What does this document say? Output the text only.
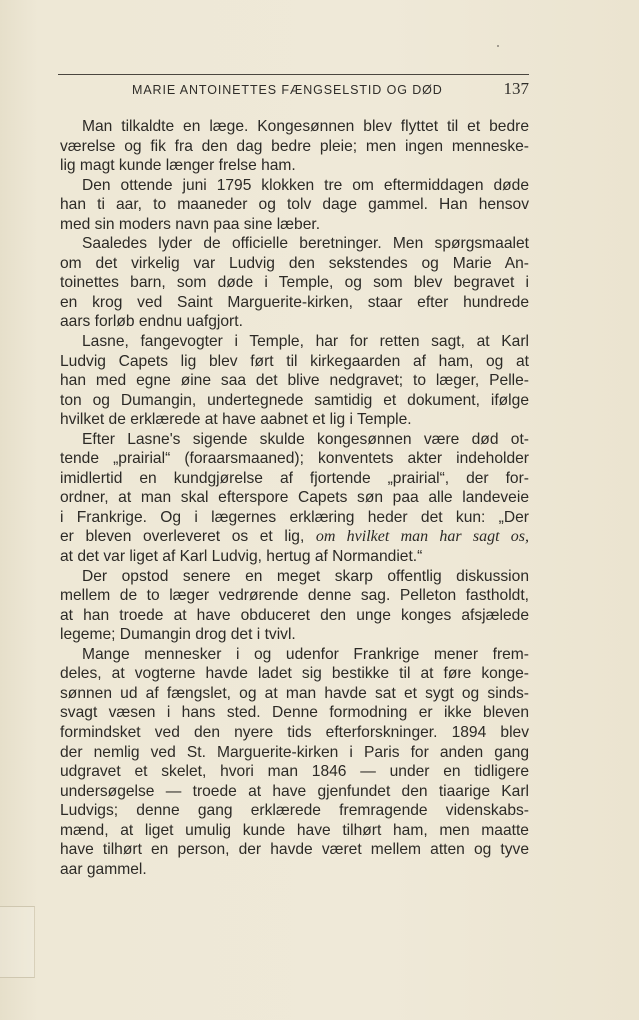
MARIE ANTOINETTES FÆNGSELSTID OG DØD	137

Man tilkaldte en læge. Kongesønnen blev flyttet til et bedre
værelse og fik fra den dag bedre pleie; men ingen menneske-
lig magt kunde længer frelse ham.

Den ottende juni 1795 klokken tre om eftermiddagen døde
han ti aar, to maaneder og tolv dage gammel. Han hensov
med sin moders navn paa sine læber.

Saaledes lyder de officielle beretninger. Men spørgsmaalet
om det virkelig var Ludvig den sekstendes og Marie An-
toinettes barn, som døde i Temple, og som blev begravet i
en krog ved Saint Marguerite-kirken, staar efter hundrede
aars forløb endnu uafgjort.

Lasne, fangevogter i Temple, har for retten sagt, at Karl
Ludvig Capets lig blev ført til kirkegaarden af ham, og at
han med egne øine saa det blive nedgravet; to læger, Pelle-
ton og Dumangin, undertegnede samtidig et dokument, ifølge
hvilket de erklærede at have aabnet et lig i Temple.

Efter Lasne's sigende skulde kongesønnen være død ot-
tende „prairial“ (foraarsmaaned); konventets akter indeholder
imidlertid en kundgjørelse af fjortende „prairial“, der for-
ordner, at man skal efterspore Capets søn paa alle landeveie
i Frankrige. Og i lægernes erklæring heder det kun: „Der
er bleven overleveret os et lig, om hvilket man har sagt os,
at det var liget af Karl Ludvig, hertug af Normandiet.“

Der opstod senere en meget skarp offentlig diskussion
mellem de to læger vedrørende denne sag. Pelleton fastholdt,
at han troede at have obduceret den unge konges afsjælede
legeme; Dumangin drog det i tvivl.

Mange mennesker i og udenfor Frankrige mener frem-
deles, at vogterne havde ladet sig bestikke til at føre konge-
sønnen ud af fængslet, og at man havde sat et sygt og sinds-
svagt væsen i hans sted. Denne formodning er ikke bleven
formindsket ved den nyere tids efterforskninger. 1894 blev
der nemlig ved St. Marguerite-kirken i Paris for anden gang
udgravet et skelet, hvori man 1846 — under en tidligere
undersøgelse — troede at have gjenfundet den tiaarige Karl
Ludvigs; denne gang erklærede fremragende videnskabs-
mænd, at liget umulig kunde have tilhørt ham, men maatte
have tilhørt en person, der havde været mellem atten og tyve
aar gammel.
